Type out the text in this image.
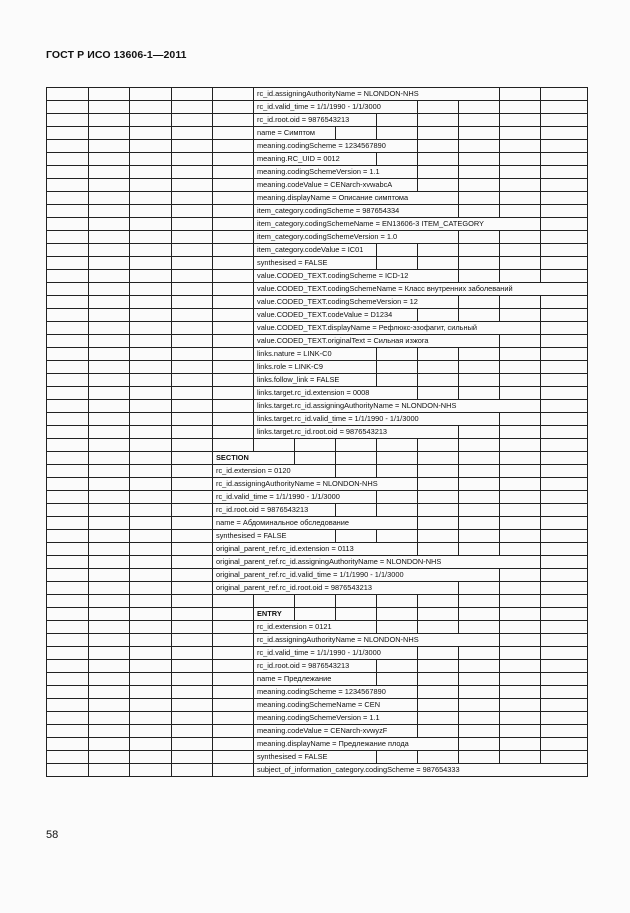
ГОСТ Р ИСО 13606-1—2011
					rc_id.assigningAuthorityName = NLONDON-NHS							
					rc_id.valid_time = 1/1/1990 - 1/1/3000							
					rc_id.root.oid = 9876543213							
					name = Симптом							
					meaning.codingScheme = 1234567890							
					meaning.RC_UID = 0012							
					meaning.codingSchemeVersion = 1.1							
					meaning.codeValue = CENarch-xvwabcA							
					meaning.displayName = Описание симптома							
					item_category.codingScheme = 987654334							
					item_category.codingSchemeName = EN13606-3 ITEM_CATEGORY							
					item_category.codingSchemeVersion = 1.0							
					item_category.codeValue = IC01							
					synthesised = FALSE							
					value.CODED_TEXT.codingScheme = ICD-12							
					value.CODED_TEXT.codingSchemeName = Класс внутренних заболеваний							
					value.CODED_TEXT.codingSchemeVersion = 12							
					value.CODED_TEXT.codeValue = D1234							
					value.CODED_TEXT.displayName = Рефлюкс-эзофагит, сильный							
					value.CODED_TEXT.originalText = Сильная изжога							
					links.nature = LINK-C0							
					links.role = LINK-C9							
					links.follow_link = FALSE							
					links.target.rc_id.extension = 0008							
					links.target.rc_id.assigningAuthorityName = NLONDON-NHS							
					links.target.rc_id.valid_time = 1/1/1990 - 1/1/3000							
					links.target.rc_id.root.oid = 9876543213							

				SECTION								
				rc_id.extension = 0120								
				rc_id.assigningAuthorityName = NLONDON-NHS								
				rc_id.valid_time = 1/1/1990 - 1/1/3000								
				rc_id.root.oid = 9876543213								
				name = Абдоминальное обследование								
				synthesised = FALSE								
				original_parent_ref.rc_id.extension = 0113								
				original_parent_ref.rc_id.assigningAuthorityName = NLONDON-NHS								
				original_parent_ref.rc_id.valid_time = 1/1/1990 - 1/1/3000								
				original_parent_ref.rc_id.root.oid = 9876543213								

					ENTRY							
					rc_id.extension = 0121							
					rc_id.assigningAuthorityName = NLONDON-NHS							
					rc_id.valid_time = 1/1/1990 - 1/1/3000							
					rc_id.root.oid = 9876543213							
					name = Предлежание							
					meaning.codingScheme = 1234567890							
					meaning.codingSchemeName = CEN							
					meaning.codingSchemeVersion = 1.1							
					meaning.codeValue = CENarch-xvwyzF							
					meaning.displayName = Предлежание плода							
					synthesised = FALSE							
					subject_of_information_category.codingScheme = 987654333							
58
